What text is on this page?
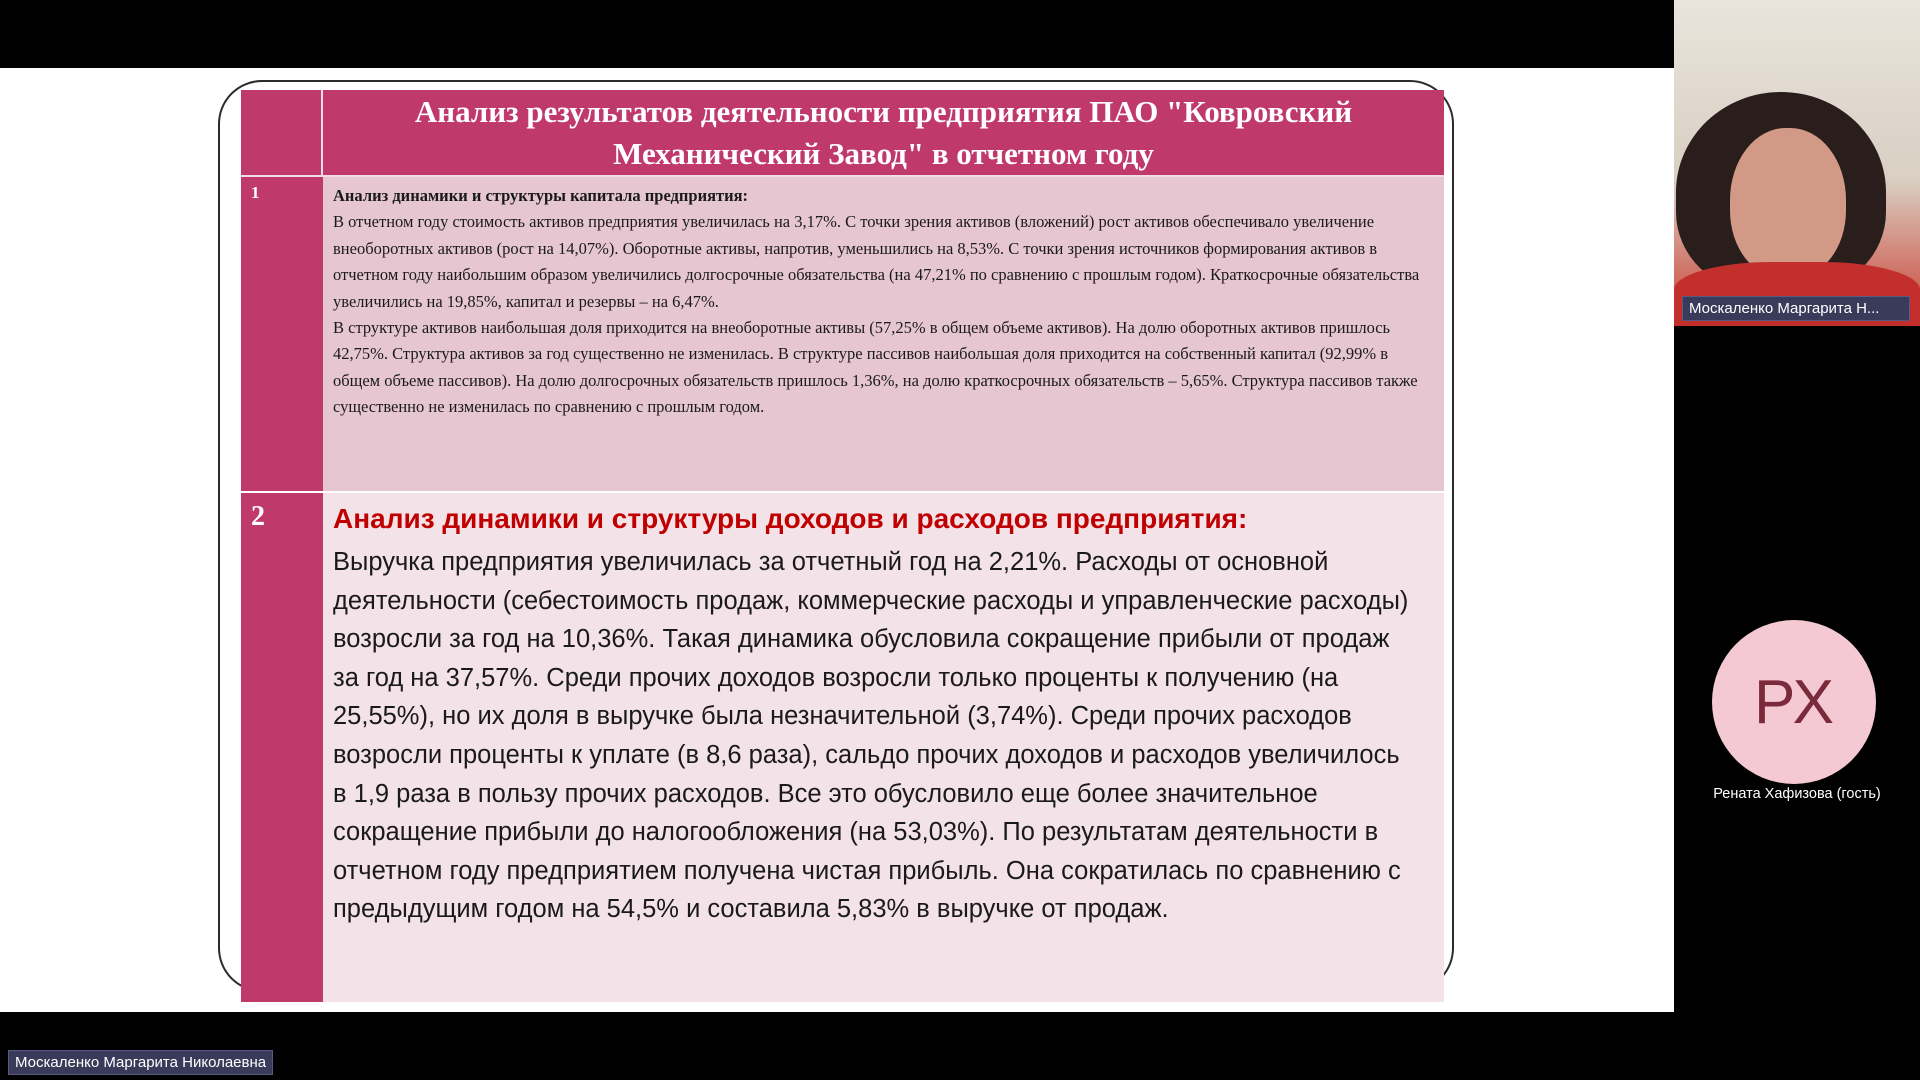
Анализ результатов деятельности предприятия ПАО "Ковровский Механический Завод" в отчетном году
1	Анализ динамики и структуры капитала предприятия:

В отчетном году стоимость активов предприятия увеличилась на 3,17%. С точки зрения активов (вложений) рост активов обеспечивало увеличение внеоборотных активов (рост на 14,07%). Оборотные активы, напротив, уменьшились на 8,53%. С точки зрения источников формирования активов в отчетном году наибольшим образом увеличились долгосрочные обязательства (на 47,21% по сравнению с прошлым годом). Краткосрочные обязательства увеличились на 19,85%, капитал и резервы – на 6,47%.

В структуре активов наибольшая доля приходится на внеоборотные активы (57,25% в общем объеме активов). На долю оборотных активов пришлось 42,75%. Структура активов за год существенно не изменилась. В структуре пассивов наибольшая доля приходится на собственный капитал (92,99% в общем объеме пассивов). На долю долгосрочных обязательств пришлось 1,36%, на долю краткосрочных обязательств – 5,65%. Структура пассивов также существенно не изменилась по сравнению с прошлым годом.

2	Анализ динамики и структуры доходов и расходов предприятия:

Выручка предприятия увеличилась за отчетный год на 2,21%. Расходы от основной деятельности (себестоимость продаж, коммерческие расходы и управленческие расходы) возросли за год на 10,36%. Такая динамика обусловила сокращение прибыли от продаж за год на 37,57%. Среди прочих доходов возросли только проценты к получению (на 25,55%), но их доля в выручке была незначительной (3,74%). Среди прочих расходов возросли проценты к уплате (в 8,6 раза), сальдо прочих доходов и расходов увеличилось в 1,9 раза в пользу прочих расходов. Все это обусловило еще более значительное сокращение прибыли до налогообложения (на 53,03%). По результатам деятельности в отчетном году предприятием получена чистая прибыль. Она сократилась по сравнению с предыдущим годом на 54,5% и составила 5,83% в выручке от продаж.

Москаленко Маргарита Н...
РХ
Рената Хафизова (гость)
Москаленко Маргарита Николаевна
